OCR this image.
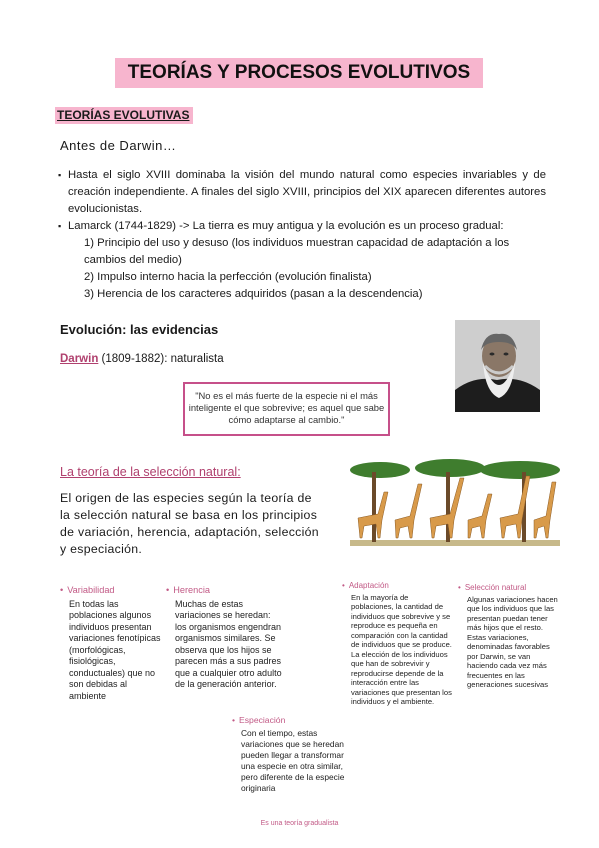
TEORÍAS Y PROCESOS EVOLUTIVOS
TEORÍAS EVOLUTIVAS
Antes de Darwin…
▪ Hasta el siglo XVIII dominaba la visión del mundo natural como especies invariables y de creación independiente. A finales del siglo XVIII, principios del XIX aparecen diferentes autores evolucionistas.
▪ Lamarck (1744-1829) -> La tierra es muy antigua y la evolución es un proceso gradual:
1) Principio del uso y desuso (los individuos muestran capacidad de adaptación a los cambios del medio)
2) Impulso interno hacia la perfección (evolución finalista)
3) Herencia de los caracteres adquiridos (pasan a la descendencia)
Evolución: las evidencias
Darwin (1809-1882): naturalista
"No es el más fuerte de la especie ni el más inteligente el que sobrevive; es aquel que sabe cómo adaptarse al cambio."
La teoría de la selección natural:
El origen de las especies según la teoría de la selección natural se basa en los principios de variación, herencia, adaptación, selección y especiación.
• Variabilidad
En todas las poblaciones algunos individuos presentan variaciones fenotípicas (morfológicas, fisiológicas, conductuales) que no son debidas al ambiente
• Herencia
Muchas de estas variaciones se heredan: los organismos engendran organismos similares. Se observa que los hijos se parecen más a sus padres que a cualquier otro adulto de la generación anterior.
• Adaptación
En la mayoría de poblaciones, la cantidad de individuos que sobrevive y se reproduce es pequeña en comparación con la cantidad de individuos que se produce. La elección de los individuos que han de sobrevivir y reproducirse depende de la interacción entre las variaciones que presentan los individuos y el ambiente.
• Selección natural
Algunas variaciones hacen que los individuos que las presentan puedan tener más hijos que el resto. Estas variaciones, denominadas favorables por Darwin, se van haciendo cada vez más frecuentes en las generaciones sucesivas
• Especiación
Con el tiempo, estas variaciones que se heredan pueden llegar a transformar una especie en otra similar, pero diferente de la especie originaria
Es una teoría gradualista
